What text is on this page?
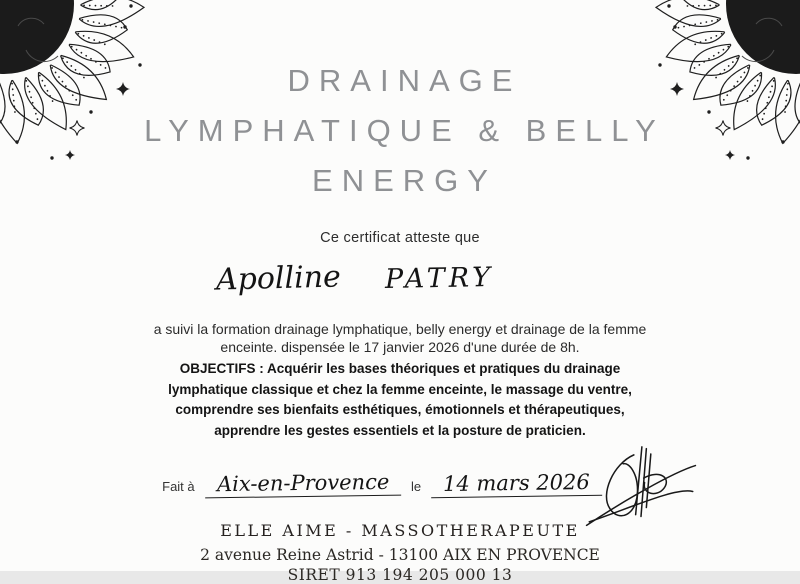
DRAINAGE
LYMPHATIQUE & BELLY
ENERGY
Ce certificat atteste que
Apolline PATRY
a suivi la formation drainage lymphatique, belly energy et drainage de la femme
enceinte. dispensée le 17 janvier 2026 d'une durée de 8h.
OBJECTIFS : Acquérir les bases théoriques et pratiques du drainage
lymphatique classique et chez la femme enceinte, le massage du ventre,
comprendre ses bienfaits esthétiques, émotionnels et thérapeutiques,
apprendre les gestes essentiels et la posture de praticien.
Fait à	Aix-en-Provence	le	14 mars 2026
ELLE AIME - MASSOTHERAPEUTE
2 avenue Reine Astrid - 13100 AIX EN PROVENCE
SIRET 913 194 205 000 13
